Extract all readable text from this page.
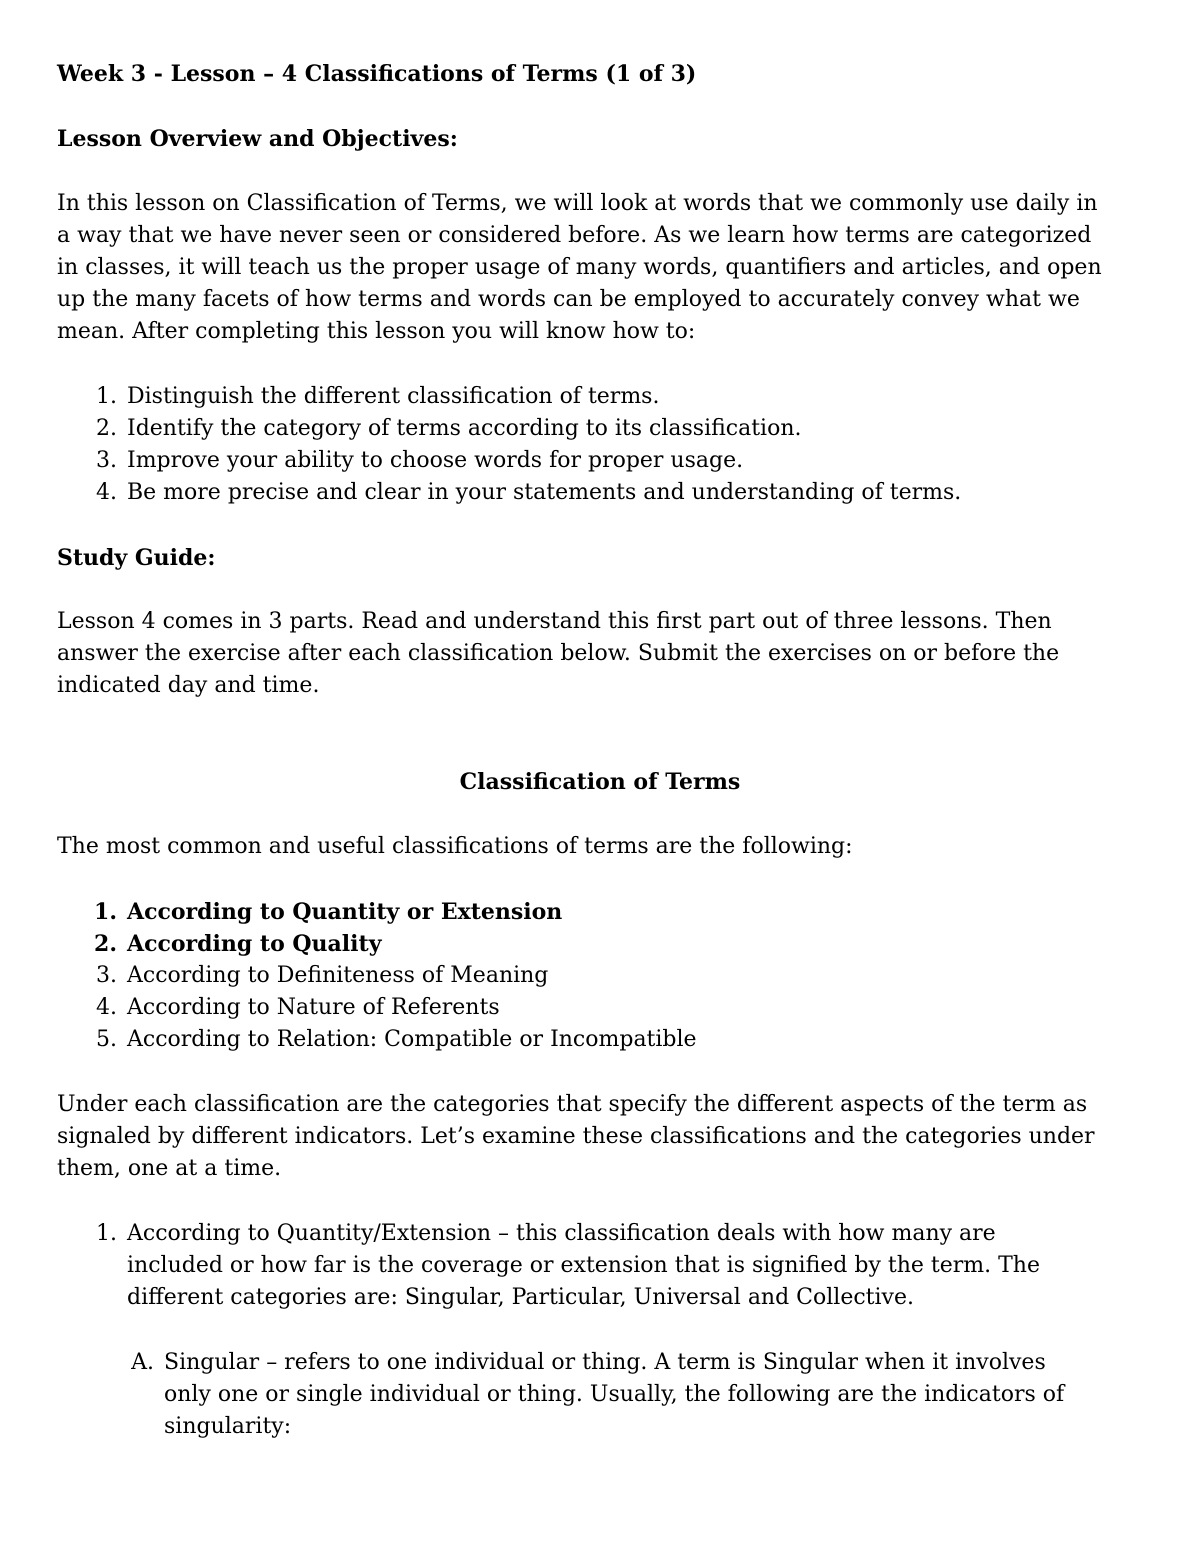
Week 3 - Lesson – 4 Classifications of Terms (1 of 3)
Lesson Overview and Objectives:
In this lesson on Classification of Terms, we will look at words that we commonly use daily in
a way that we have never seen or considered before. As we learn how terms are categorized
in classes, it will teach us the proper usage of many words, quantifiers and articles, and open
up the many facets of how terms and words can be employed to accurately convey what we
mean. After completing this lesson you will know how to:
1. Distinguish the different classification of terms.
2. Identify the category of terms according to its classification.
3. Improve your ability to choose words for proper usage.
4. Be more precise and clear in your statements and understanding of terms.
Study Guide:
Lesson 4 comes in 3 parts. Read and understand this first part out of three lessons. Then
answer the exercise after each classification below. Submit the exercises on or before the
indicated day and time.
Classification of Terms
The most common and useful classifications of terms are the following:
1. According to Quantity or Extension
2. According to Quality
3. According to Definiteness of Meaning
4. According to Nature of Referents
5. According to Relation: Compatible or Incompatible
Under each classification are the categories that specify the different aspects of the term as
signaled by different indicators. Let’s examine these classifications and the categories under
them, one at a time.
1. According to Quantity/Extension – this classification deals with how many are
included or how far is the coverage or extension that is signified by the term. The
different categories are: Singular, Particular, Universal and Collective.
A. Singular – refers to one individual or thing. A term is Singular when it involves
only one or single individual or thing. Usually, the following are the indicators of
singularity:
